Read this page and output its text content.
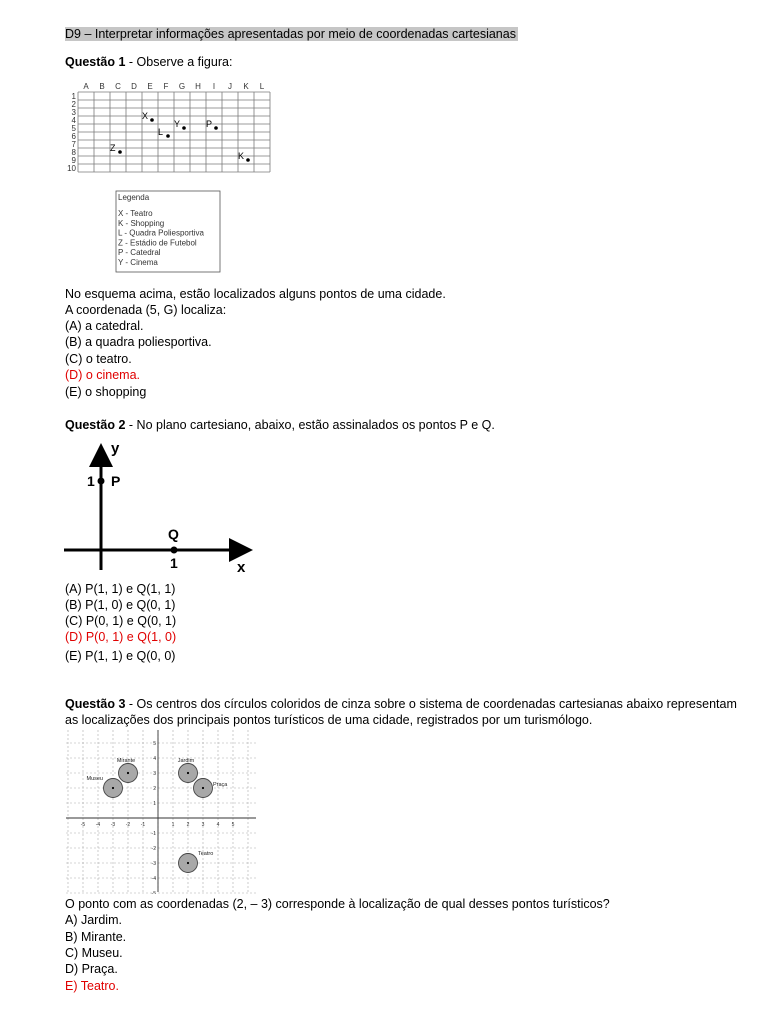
D9 – Interpretar informações apresentadas por meio de coordenadas cartesianas
Questão 1 - Observe a figura:
A B C D E F G H I J K L
1
2
3
4
5
6
7
8
9
10
X
Y	P
L
Z
K
Legenda
X - Teatro
K - Shopping
L - Quadra Poliesportiva
Z - Estádio de Futebol
P - Catedral
Y - Cinema
No esquema acima, estão localizados alguns pontos de uma cidade.
A coordenada (5, G) localiza:
(A) a catedral.
(B) a quadra poliesportiva.
(C) o teatro.
(D) o cinema.
(E) o shopping
Questão 2 - No plano cartesiano, abaixo, estão assinalados os pontos P e Q.
y
x
1 P
Q
1
(A) P(1, 1) e Q(1, 1)
(B) P(1, 0) e Q(0, 1)
(C) P(0, 1) e Q(0, 1)
(D) P(0, 1) e Q(1, 0)
(E) P(1, 1) e Q(0, 0)
Questão 3 - Os centros dos círculos coloridos de cinza sobre o sistema de coordenadas cartesianas abaixo representam
as localizações dos principais pontos turísticos de uma cidade, registrados por um turismólogo.
-5 -4 -3 -2 -1	1 2 3 4 5
-5
-4
-3
-2
-1
1
2
3
4
5
Mirante
Museu
Jardim
Praça
Teatro
O ponto com as coordenadas (2, – 3) corresponde à localização de qual desses pontos turísticos?
A) Jardim.
B) Mirante.
C) Museu.
D) Praça.
E) Teatro.
